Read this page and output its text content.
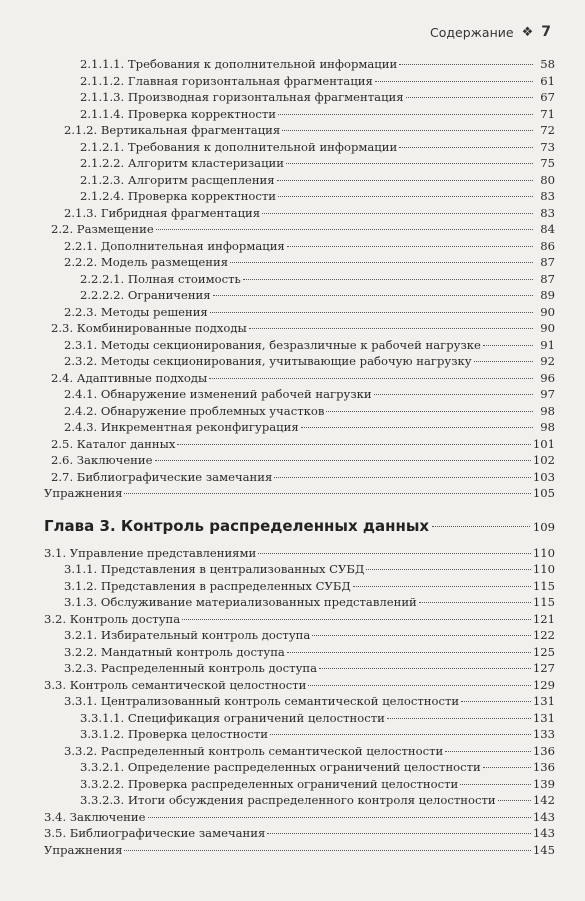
Содержание ❖ 7
2.1.1.1. Требования к дополнительной информации	58
2.1.1.2. Главная горизонтальная фрагментация	61
2.1.1.3. Производная горизонтальная фрагментация	67
2.1.1.4. Проверка корректности	71
2.1.2. Вертикальная фрагментация	72
2.1.2.1. Требования к дополнительной информации	73
2.1.2.2. Алгоритм кластеризации	75
2.1.2.3. Алгоритм расщепления	80
2.1.2.4. Проверка корректности	83
2.1.3. Гибридная фрагментация	83
2.2. Размещение	84
2.2.1. Дополнительная информация	86
2.2.2. Модель размещения	87
2.2.2.1. Полная стоимость	87
2.2.2.2. Ограничения	89
2.2.3. Методы решения	90
2.3. Комбинированные подходы	90
2.3.1. Методы секционирования, безразличные к рабочей нагрузке	91
2.3.2. Методы секционирования, учитывающие рабочую нагрузку	92
2.4. Адаптивные подходы	96
2.4.1. Обнаружение изменений рабочей нагрузки	97
2.4.2. Обнаружение проблемных участков	98
2.4.3. Инкрементная реконфигурация	98
2.5. Каталог данных	101
2.6. Заключение	102
2.7. Библиографические замечания	103
Упражнения	105
Глава 3. Контроль распределенных данных	109
3.1. Управление представлениями	110
3.1.1. Представления в централизованных СУБД	110
3.1.2. Представления в распределенных СУБД	115
3.1.3. Обслуживание материализованных представлений	115
3.2. Контроль доступа	121
3.2.1. Избирательный контроль доступа	122
3.2.2. Мандатный контроль доступа	125
3.2.3. Распределенный контроль доступа	127
3.3. Контроль семантической целостности	129
3.3.1. Централизованный контроль семантической целостности	131
3.3.1.1. Спецификация ограничений целостности	131
3.3.1.2. Проверка целостности	133
3.3.2. Распределенный контроль семантической целостности	136
3.3.2.1. Определение распределенных ограничений целостности	136
3.3.2.2. Проверка распределенных ограничений целостности	139
3.3.2.3. Итоги обсуждения распределенного контроля целостности	142
3.4. Заключение	143
3.5. Библиографические замечания	143
Упражнения	145
